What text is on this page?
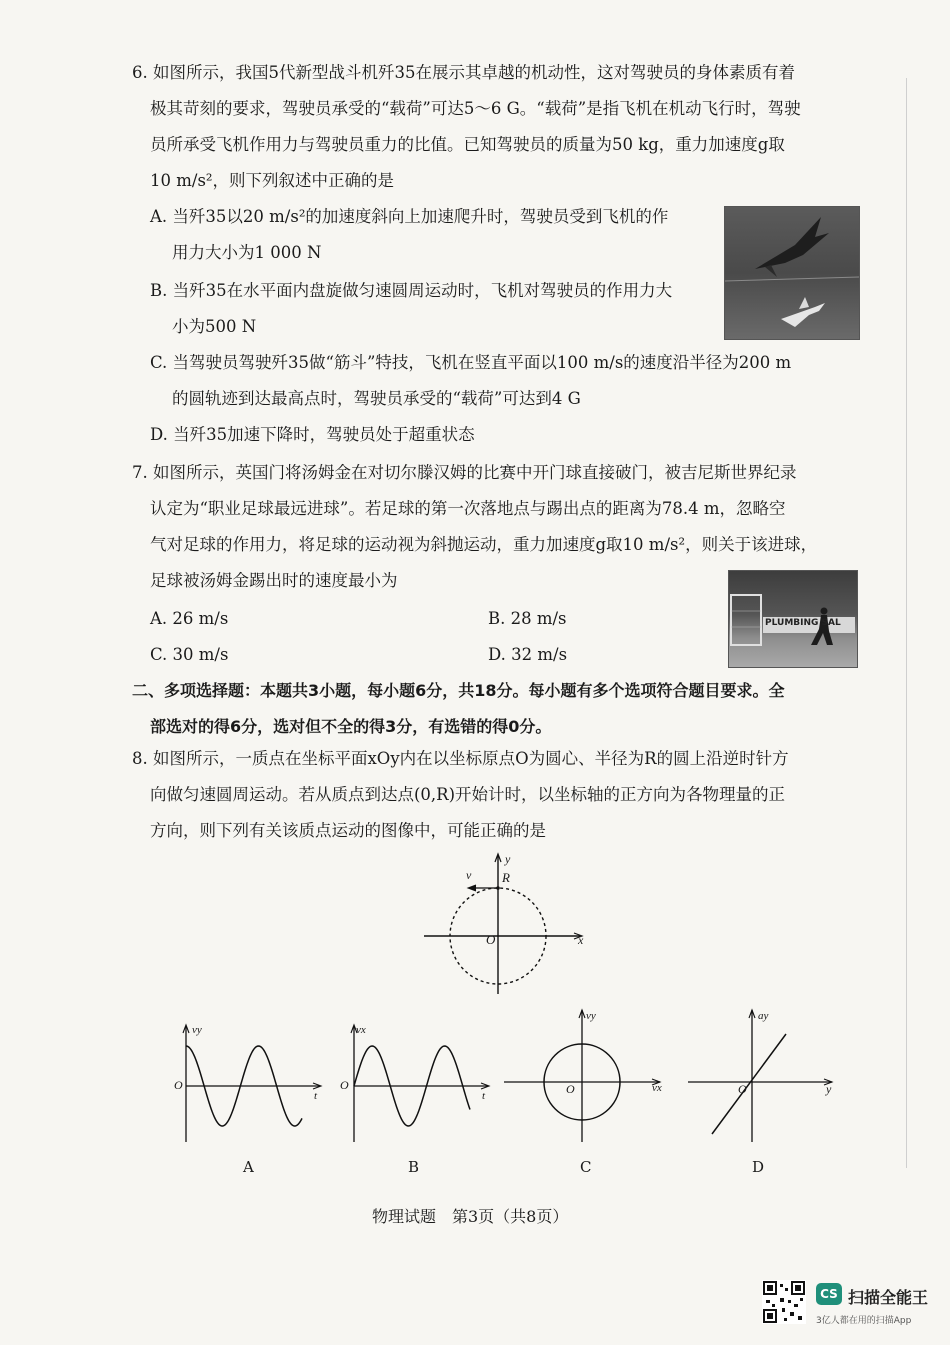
6. 如图所示，我国5代新型战斗机歼35在展示其卓越的机动性，这对驾驶员的身体素质有着
极其苛刻的要求，驾驶员承受的“载荷”可达5～6 G。“载荷”是指飞机在机动飞行时，驾驶
员所承受飞机作用力与驾驶员重力的比值。已知驾驶员的质量为50 kg，重力加速度g取
10 m/s²，则下列叙述中正确的是
A. 当歼35以20 m/s²的加速度斜向上加速爬升时，驾驶员受到飞机的作
用力大小为1 000 N
B. 当歼35在水平面内盘旋做匀速圆周运动时，飞机对驾驶员的作用力大
小为500 N
C. 当驾驶员驾驶歼35做“筋斗”特技，飞机在竖直平面以100 m/s的速度沿半径为200 m
的圆轨迹到达最高点时，驾驶员承受的“载荷”可达到4 G
D. 当歼35加速下降时，驾驶员处于超重状态
7. 如图所示，英国门将汤姆金在对切尔滕汉姆的比赛中开门球直接破门，被吉尼斯世界纪录
认定为“职业足球最远进球”。若足球的第一次落地点与踢出点的距离为78.4 m，忽略空
气对足球的作用力，将足球的运动视为斜抛运动，重力加速度g取10 m/s²，则关于该进球，
足球被汤姆金踢出时的速度最小为
A. 26 m/s	B. 28 m/s
C. 30 m/s	D. 32 m/s
PLUMBING SAL
二、多项选择题：本题共3小题，每小题6分，共18分。每小题有多个选项符合题目要求。全
部选对的得6分，选对但不全的得3分，有选错的得0分。
8. 如图所示，一质点在坐标平面xOy内在以坐标原点O为圆心、半径为R的圆上沿逆时针方
向做匀速圆周运动。若从质点到达点(0,R)开始计时，以坐标轴的正方向为各物理量的正
方向，则下列有关该质点运动的图像中，可能正确的是
y
x
O
R
v
vy
t
O
A
vx
t
O
B
vy
vx
O
C
ay
y
O
D
物理试题　第3页（共8页）
CS 扫描全能王
3亿人都在用的扫描App
